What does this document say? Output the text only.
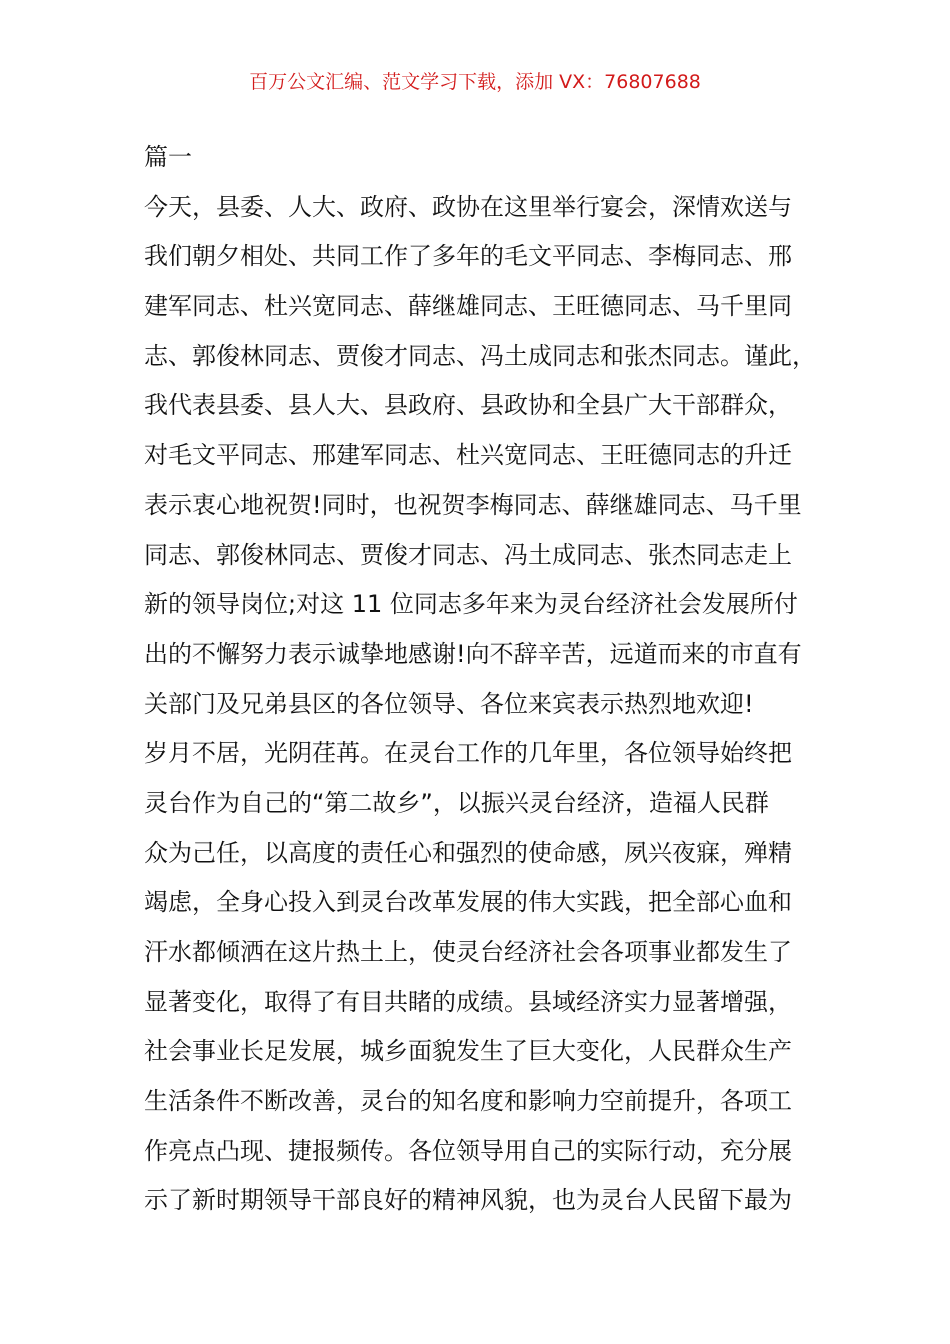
百万公文汇编、范文学习下载，添加 VX：76807688
篇一
今天，县委、人大、政府、政协在这里举行宴会，深情欢送与
我们朝夕相处、共同工作了多年的毛文平同志、李梅同志、邢
建军同志、杜兴宽同志、薛继雄同志、王旺德同志、马千里同
志、郭俊林同志、贾俊才同志、冯土成同志和张杰同志。谨此，
我代表县委、县人大、县政府、县政协和全县广大干部群众，
对毛文平同志、邢建军同志、杜兴宽同志、王旺德同志的升迁
表示衷心地祝贺!同时，也祝贺李梅同志、薛继雄同志、马千里
同志、郭俊林同志、贾俊才同志、冯土成同志、张杰同志走上
新的领导岗位;对这 11 位同志多年来为灵台经济社会发展所付
出的不懈努力表示诚挚地感谢!向不辞辛苦，远道而来的市直有
关部门及兄弟县区的各位领导、各位来宾表示热烈地欢迎!
岁月不居，光阴荏苒。在灵台工作的几年里，各位领导始终把
灵台作为自己的“第二故乡”，以振兴灵台经济，造福人民群
众为己任，以高度的责任心和强烈的使命感，夙兴夜寐，殚精
竭虑，全身心投入到灵台改革发展的伟大实践，把全部心血和
汗水都倾洒在这片热土上，使灵台经济社会各项事业都发生了
显著变化，取得了有目共睹的成绩。县域经济实力显著增强，
社会事业长足发展，城乡面貌发生了巨大变化，人民群众生产
生活条件不断改善，灵台的知名度和影响力空前提升，各项工
作亮点凸现、捷报频传。各位领导用自己的实际行动，充分展
示了新时期领导干部良好的精神风貌，也为灵台人民留下最为
